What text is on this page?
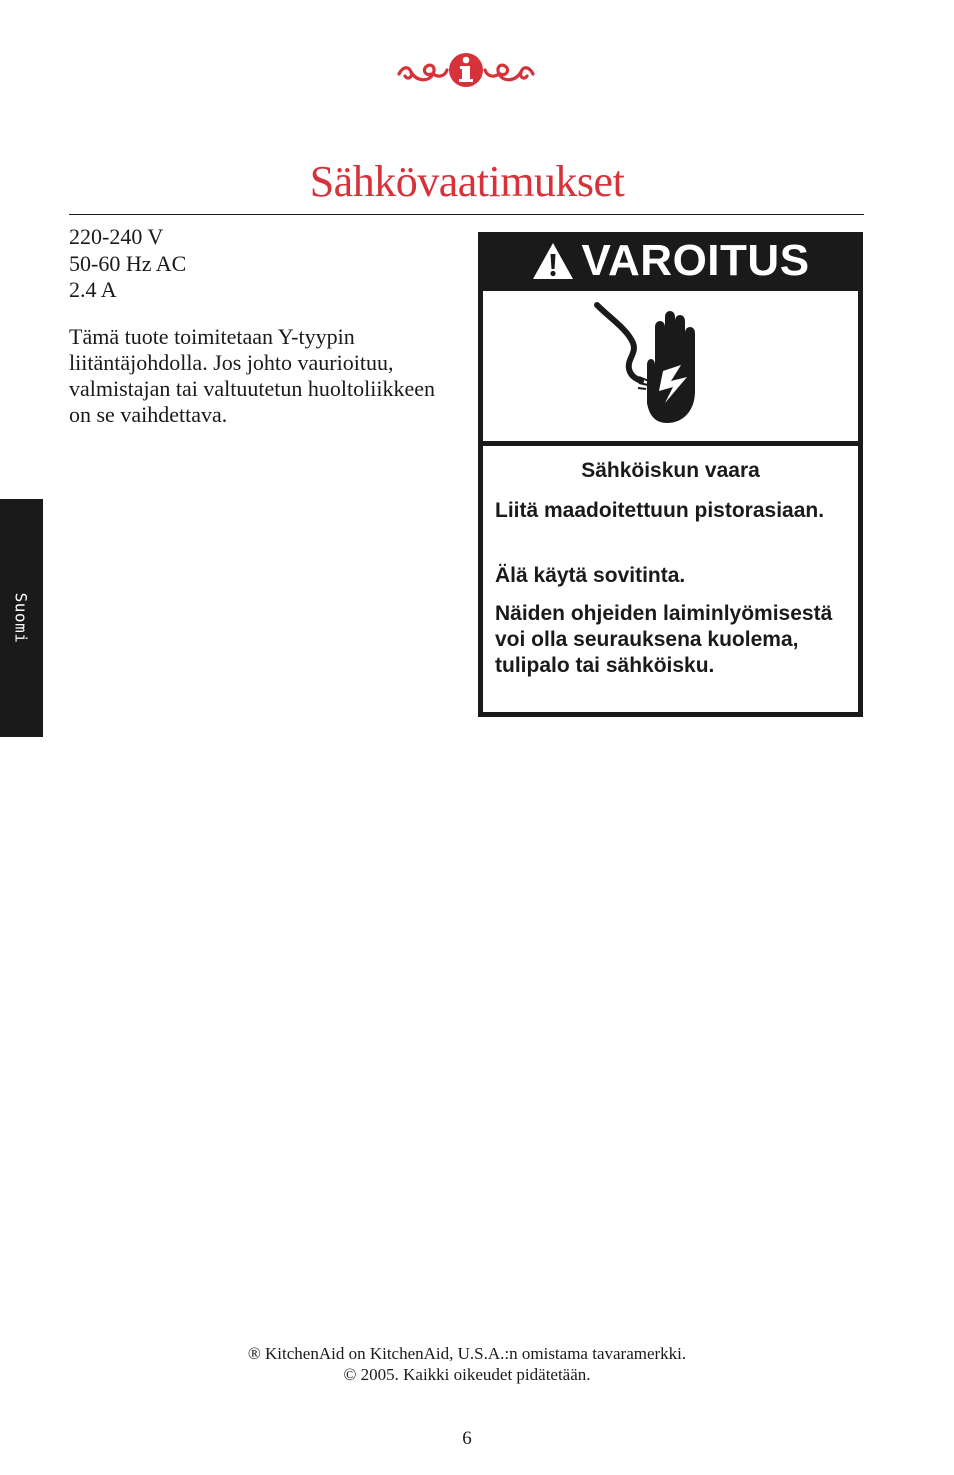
Sähkövaatimukset
220-240 V
50-60 Hz AC
2.4 A
Tämä tuote toimitetaan Y-tyypin liitäntäjohdolla. Jos johto vaurioituu, valmistajan tai valtuutetun huoltoliikkeen on se vaihdettava.
Suomi
VAROITUS
Sähköiskun vaara
Liitä maadoitettuun pistorasiaan.
Älä käytä sovitinta.
Näiden ohjeiden laiminlyömisestä voi olla seurauksena kuolema, tulipalo tai sähköisku.
® KitchenAid on KitchenAid, U.S.A.:n omistama tavaramerkki.
© 2005. Kaikki oikeudet pidätetään.
6
